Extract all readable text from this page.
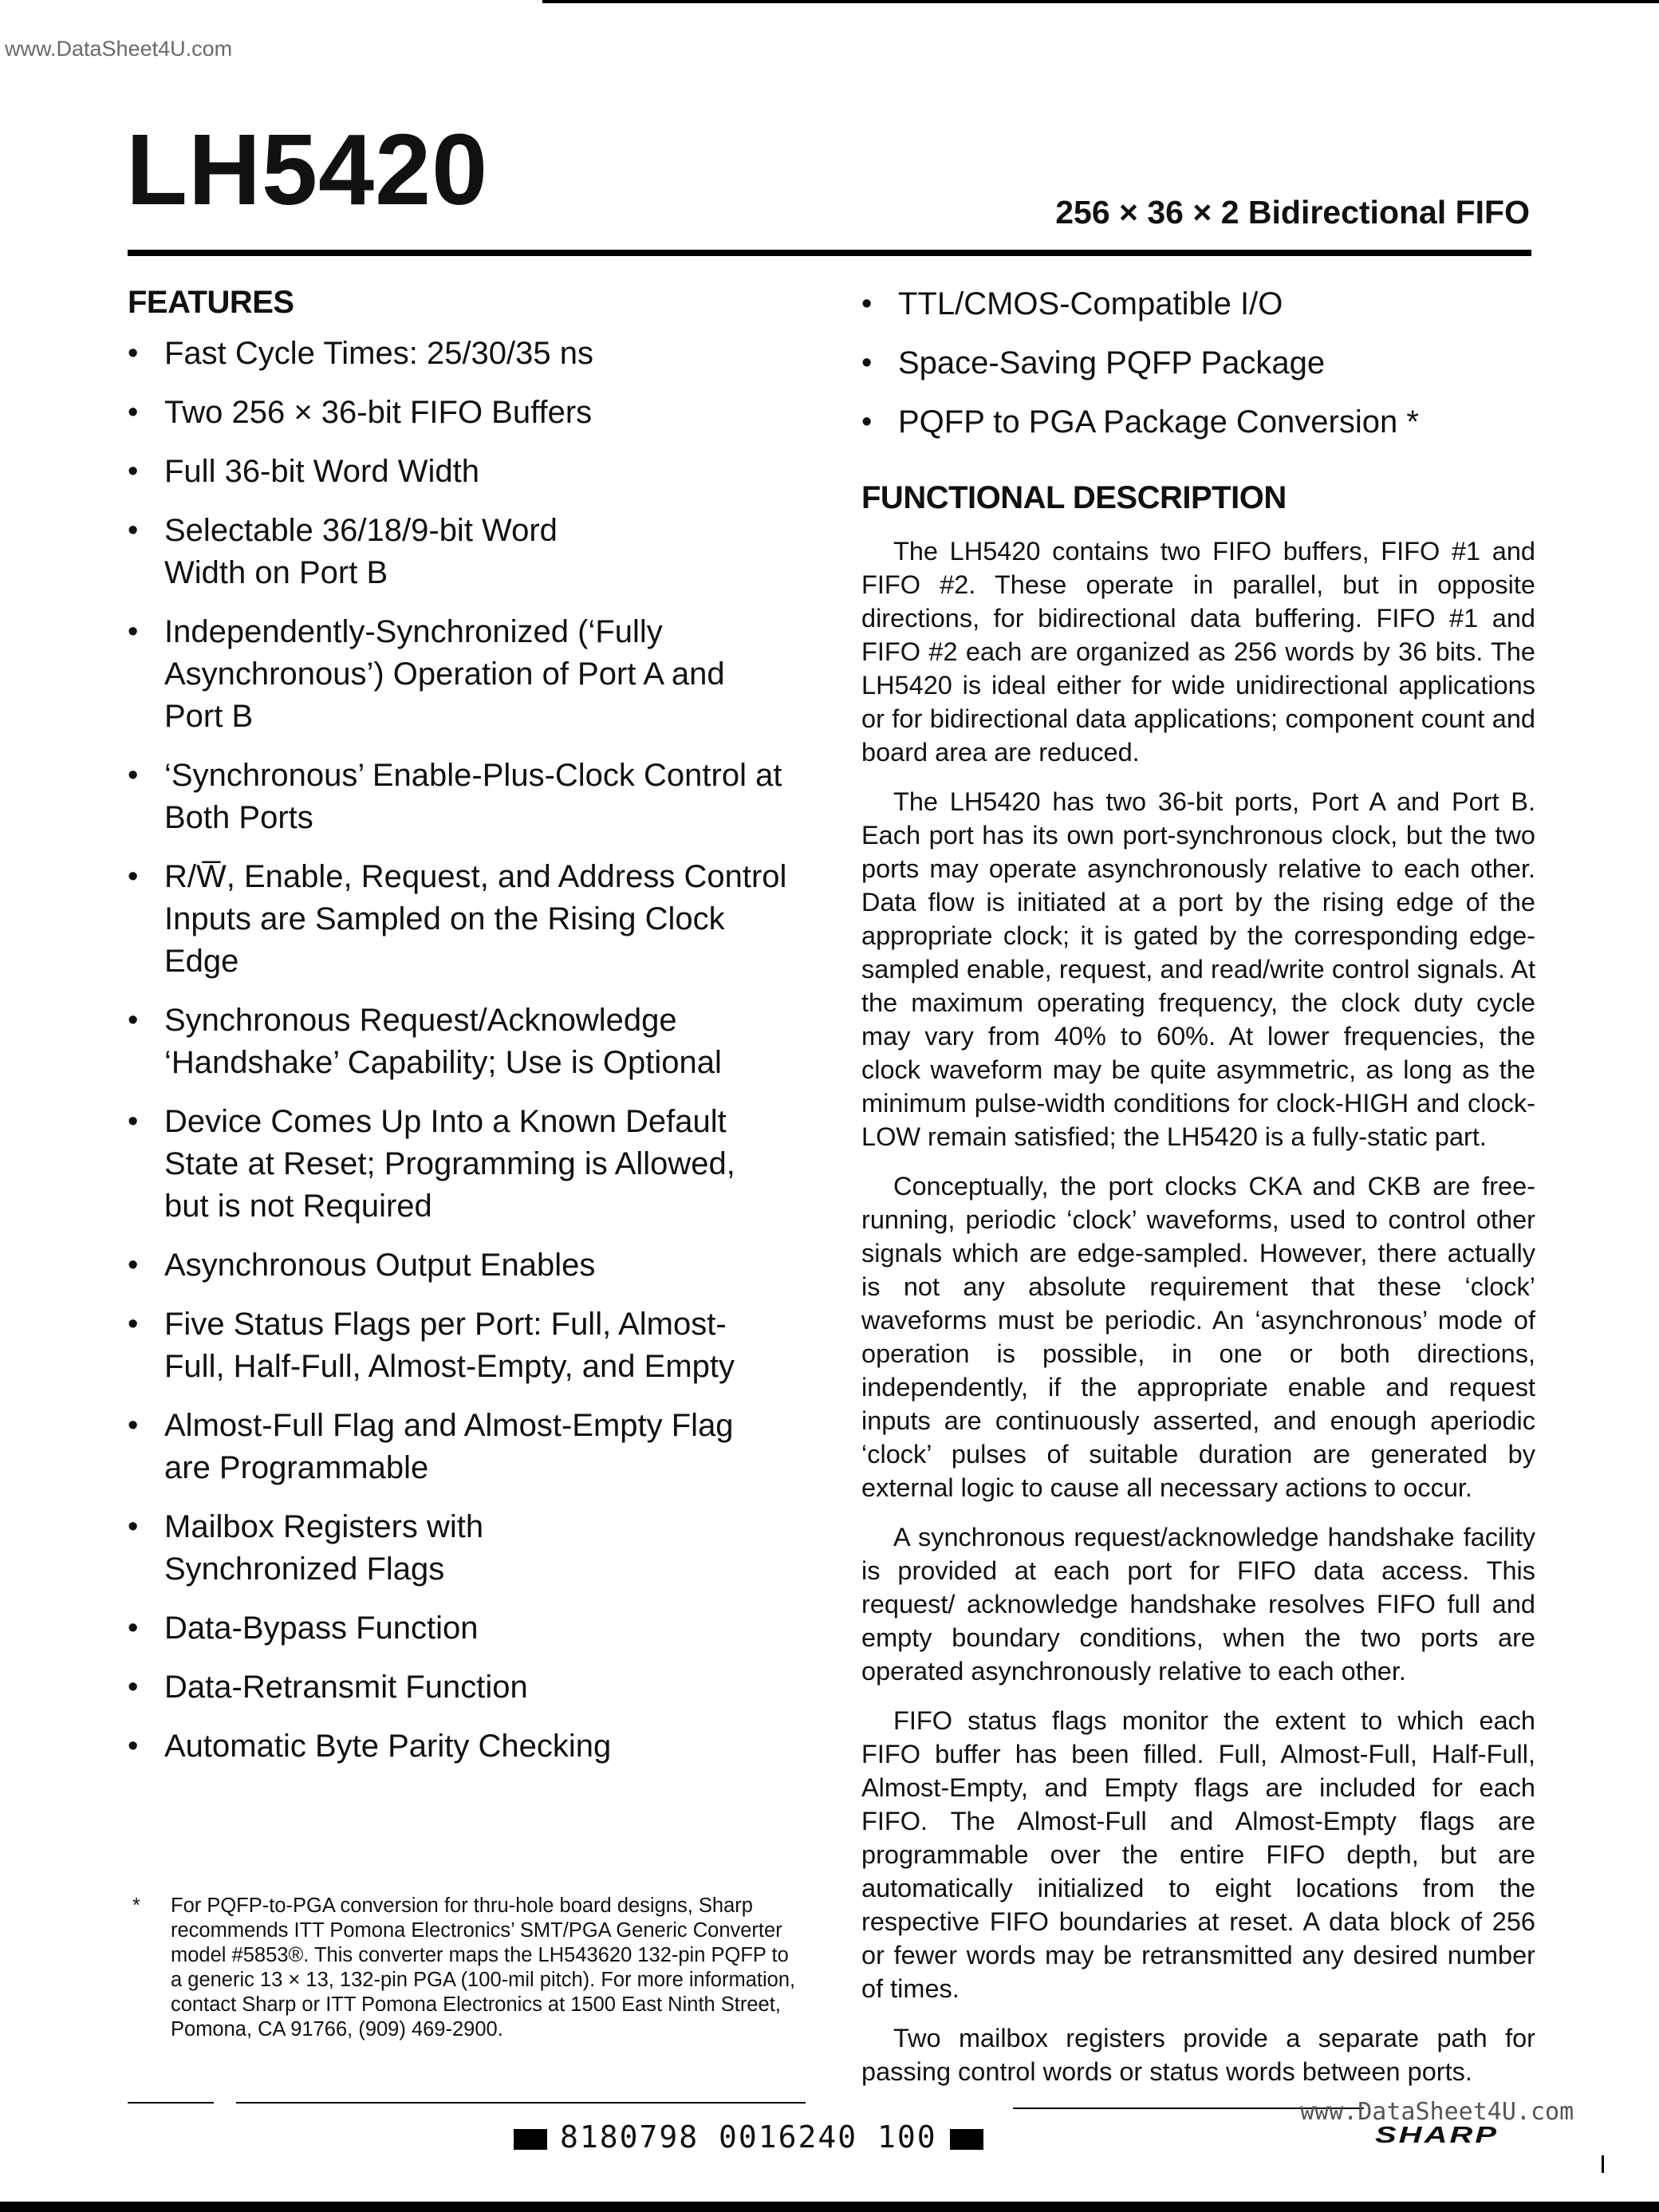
www.DataSheet4U.com
LH5420	256 × 36 × 2 Bidirectional FIFO
FEATURES
• Fast Cycle Times: 25/30/35 ns
• Two 256 × 36-bit FIFO Buffers
• Full 36-bit Word Width
• Selectable 36/18/9-bit Word Width on Port B
• Independently-Synchronized (‘Fully Asynchronous’) Operation of Port A and Port B
• ‘Synchronous’ Enable-Plus-Clock Control at Both Ports
• R/W̅, Enable, Request, and Address Control Inputs are Sampled on the Rising Clock Edge
• Synchronous Request/Acknowledge ‘Handshake’ Capability; Use is Optional
• Device Comes Up Into a Known Default State at Reset; Programming is Allowed, but is not Required
• Asynchronous Output Enables
• Five Status Flags per Port: Full, Almost-Full, Half-Full, Almost-Empty, and Empty
• Almost-Full Flag and Almost-Empty Flag are Programmable
• Mailbox Registers with Synchronized Flags
• Data-Bypass Function
• Data-Retransmit Function
• Automatic Byte Parity Checking
• TTL/CMOS-Compatible I/O
• Space-Saving PQFP Package
• PQFP to PGA Package Conversion *
FUNCTIONAL DESCRIPTION

The LH5420 contains two FIFO buffers, FIFO #1 and FIFO #2. These operate in parallel, but in opposite directions, for bidirectional data buffering. FIFO #1 and FIFO #2 each are organized as 256 words by 36 bits. The LH5420 is ideal either for wide unidirectional applications or for bidirectional data applications; component count and board area are reduced.

The LH5420 has two 36-bit ports, Port A and Port B. Each port has its own port-synchronous clock, but the two ports may operate asynchronously relative to each other. Data flow is initiated at a port by the rising edge of the appropriate clock; it is gated by the corresponding edge-sampled enable, request, and read/write control signals. At the maximum operating frequency, the clock duty cycle may vary from 40% to 60%. At lower frequencies, the clock waveform may be quite asymmetric, as long as the minimum pulse-width conditions for clock-HIGH and clock-LOW remain satisfied; the LH5420 is a fully-static part.

Conceptually, the port clocks CKA and CKB are free-running, periodic ‘clock’ waveforms, used to control other signals which are edge-sampled. However, there actually is not any absolute requirement that these ‘clock’ waveforms must be periodic. An ‘asynchronous’ mode of operation is possible, in one or both directions, independently, if the appropriate enable and request inputs are continuously asserted, and enough aperiodic ‘clock’ pulses of suitable duration are generated by external logic to cause all necessary actions to occur.

A synchronous request/acknowledge handshake facility is provided at each port for FIFO data access. This request/ acknowledge handshake resolves FIFO full and empty boundary conditions, when the two ports are operated asynchronously relative to each other.

FIFO status flags monitor the extent to which each FIFO buffer has been filled. Full, Almost-Full, Half-Full, Almost-Empty, and Empty flags are included for each FIFO. The Almost-Full and Almost-Empty flags are programmable over the entire FIFO depth, but are automatically initialized to eight locations from the respective FIFO boundaries at reset. A data block of 256 or fewer words may be retransmitted any desired number of times.

Two mailbox registers provide a separate path for passing control words or status words between ports.

*	For PQFP-to-PGA conversion for thru-hole board designs, Sharp recommends ITT Pomona Electronics’ SMT/PGA Generic Converter model #5853®. This converter maps the LH543620 132-pin PQFP to a generic 13 × 13, 132-pin PGA (100-mil pitch). For more information, contact Sharp or ITT Pomona Electronics at 1500 East Ninth Street, Pomona, CA 91766, (909) 469-2900.
8180798 0016240 100
www.DataSheet4U.com
SHARP
